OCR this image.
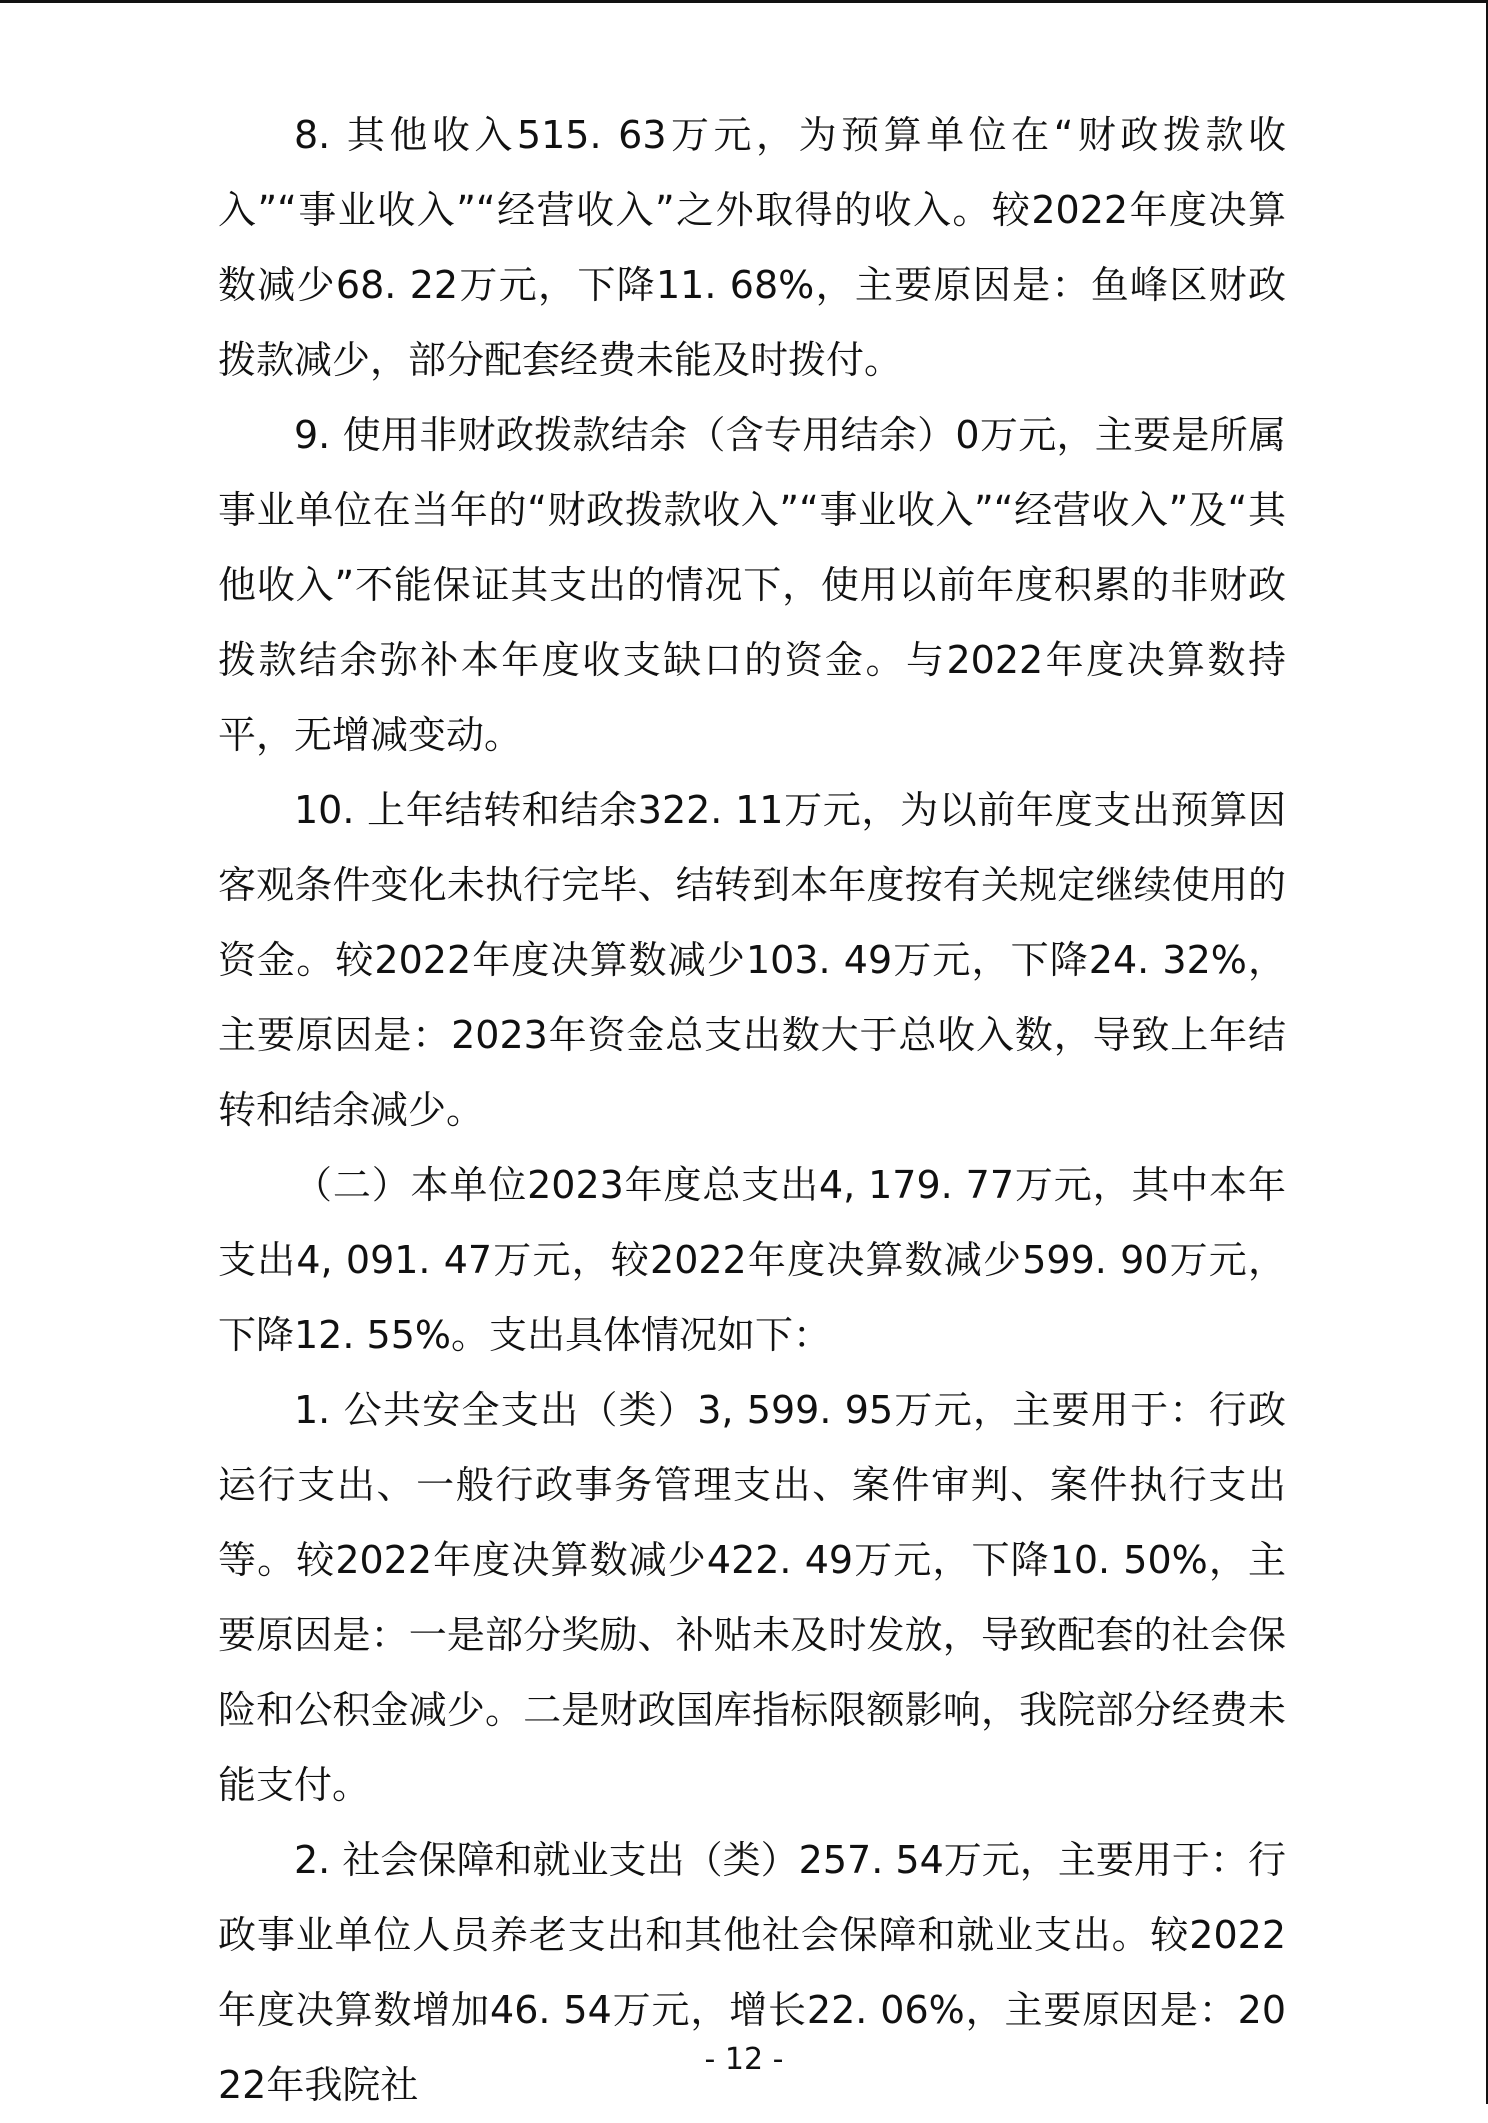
8. 其他收入515. 63万元，为预算单位在“财政拨款收入”“事业收入”“经营收入”之外取得的收入。较2022年度决算数减少68. 22万元，下降11. 68%，主要原因是：鱼峰区财政拨款减少，部分配套经费未能及时拨付。

9. 使用非财政拨款结余（含专用结余）0万元，主要是所属事业单位在当年的“财政拨款收入”“事业收入”“经营收入”及“其他收入”不能保证其支出的情况下，使用以前年度积累的非财政拨款结余弥补本年度收支缺口的资金。与2022年度决算数持平，无增减变动。

10. 上年结转和结余322. 11万元，为以前年度支出预算因客观条件变化未执行完毕、结转到本年度按有关规定继续使用的资金。较2022年度决算数减少103. 49万元，下降24. 32%，主要原因是：2023年资金总支出数大于总收入数，导致上年结转和结余减少。

（二）本单位2023年度总支出4, 179. 77万元，其中本年支出4, 091. 47万元，较2022年度决算数减少599. 90万元，下降12. 55%。支出具体情况如下：

1. 公共安全支出（类）3, 599. 95万元，主要用于：行政运行支出、一般行政事务管理支出、案件审判、案件执行支出等。较2022年度决算数减少422. 49万元，下降10. 50%，主要原因是：一是部分奖励、补贴未及时发放，导致配套的社会保险和公积金减少。二是财政国库指标限额影响，我院部分经费未能支付。

2. 社会保障和就业支出（类）257. 54万元，主要用于：行政事业单位人员养老支出和其他社会保障和就业支出。较2022年度决算数增加46. 54万元，增长22. 06%，主要原因是：2022年我院社

- 12 -
